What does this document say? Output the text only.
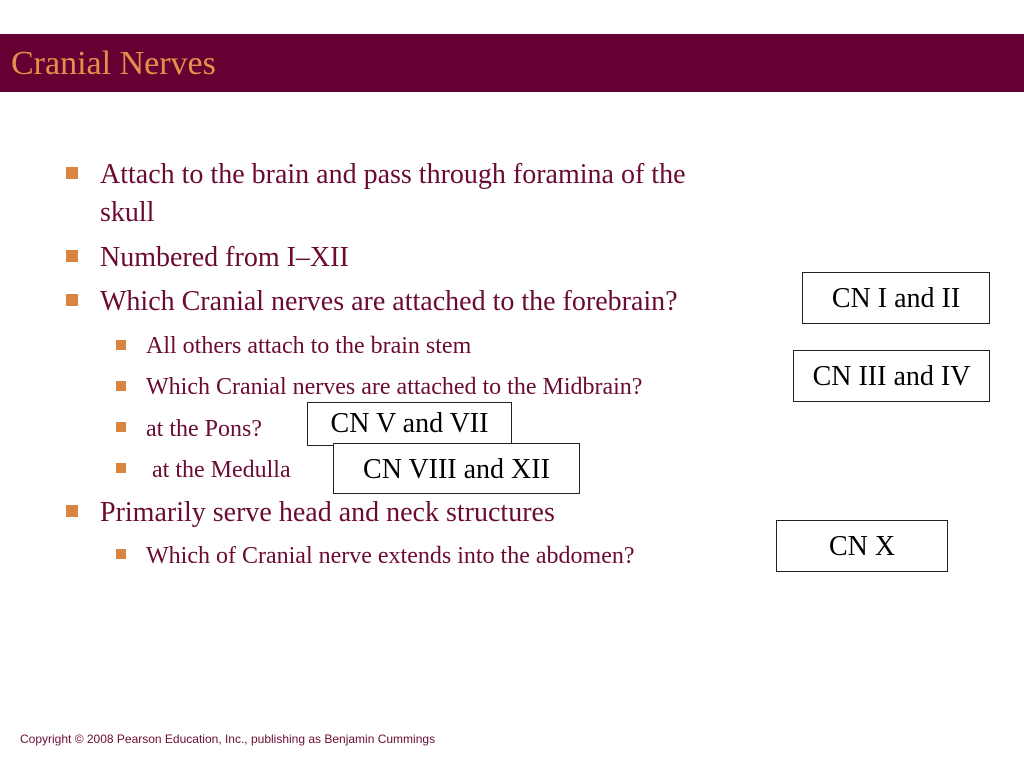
Cranial Nerves
Attach to the brain and pass through foramina of the
skull
Numbered from I–XII
Which Cranial nerves are attached to the forebrain?
All others attach to the brain stem
Which Cranial nerves are attached to the Midbrain?
at the Pons?
at the Medulla
Primarily serve head and neck structures
Which of Cranial nerve extends into the abdomen?
CN I and II
CN III and IV
CN V and VII
CN VIII and XII
CN X
Copyright © 2008 Pearson Education, Inc., publishing as Benjamin Cummings
